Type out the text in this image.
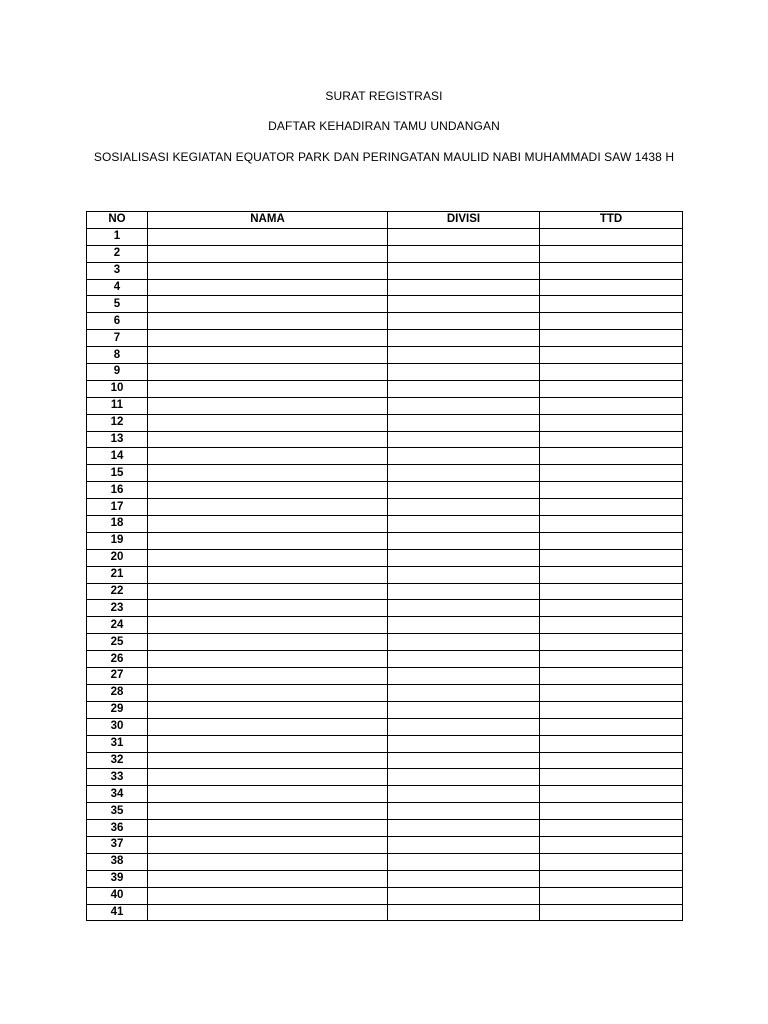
SURAT REGISTRASI
DAFTAR KEHADIRAN TAMU UNDANGAN
SOSIALISASI KEGIATAN EQUATOR PARK DAN PERINGATAN MAULID NABI MUHAMMADI SAW 1438 H
NO	NAMA	DIVISI	TTD
1			
2			
3			
4			
5			
6			
7			
8			
9			
10			
11			
12			
13			
14			
15			
16			
17			
18			
19			
20			
21			
22			
23			
24			
25			
26			
27			
28			
29			
30			
31			
32			
33			
34			
35			
36			
37			
38			
39			
40			
41			
